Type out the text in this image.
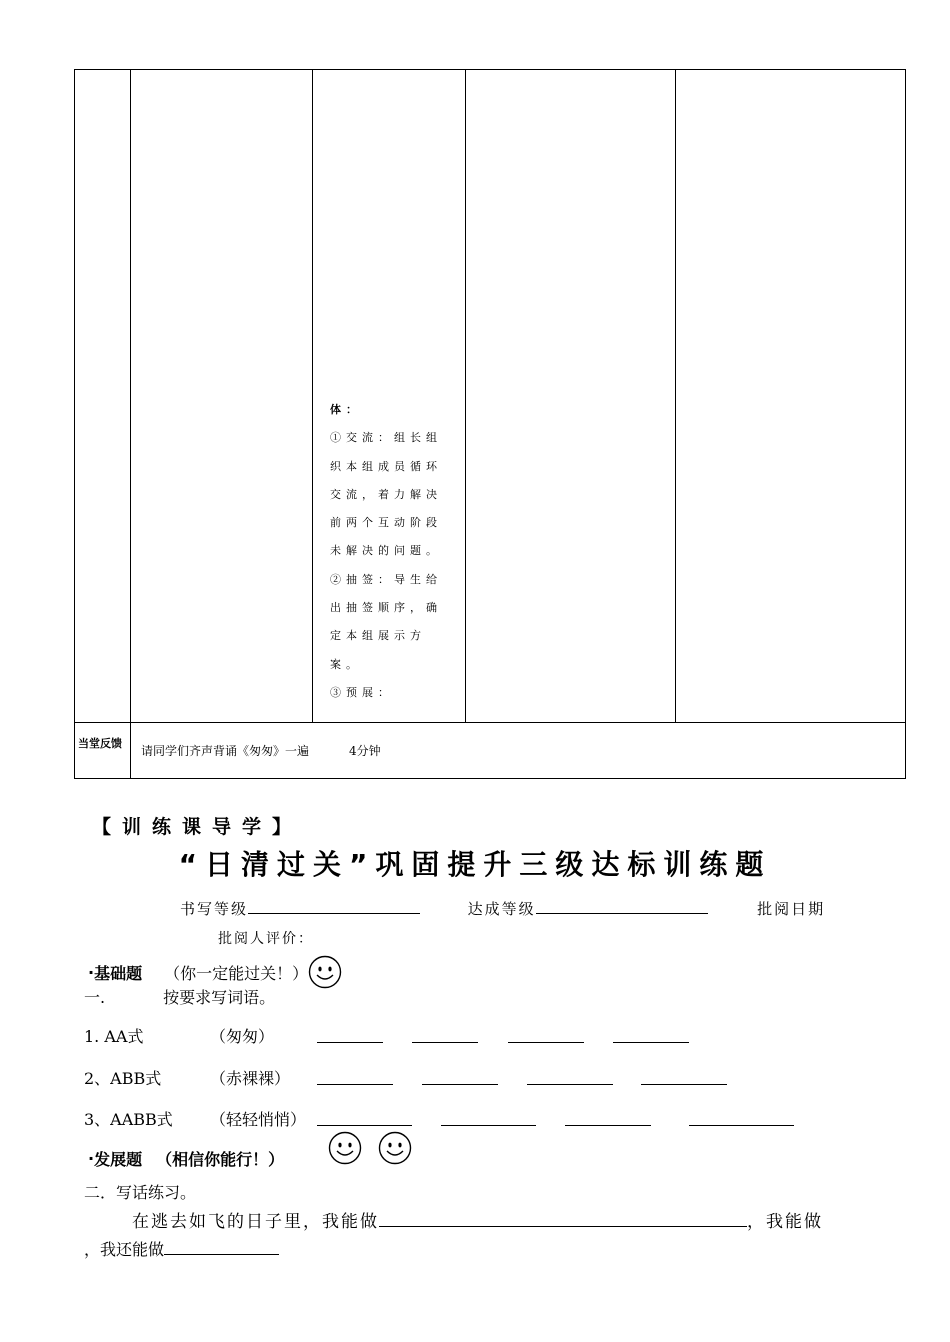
体：
①交流：组长组织本组成员循环交流，着力解决前两个互动阶段未解决的问题。
②抽签：导生给出抽签顺序，确定本组展示方案。
③预展：
当堂反馈
请同学们齐声背诵《匆匆》一遍	4分钟
【训练课导学】
“日清过关”巩固提升三级达标训练题
书写等级	达成等级	批阅日期
批阅人评价：
· 基础题 （你一定能过关！）
一.	按要求写词语。
1. AA式	（匆匆）
2、ABB式	（赤裸裸）
3、AABB式 （轻轻悄悄）
· 发展题 （相信你能行！）
二．写话练习。
在逃去如飞的日子里，我能做	，我能做
，我还能做
